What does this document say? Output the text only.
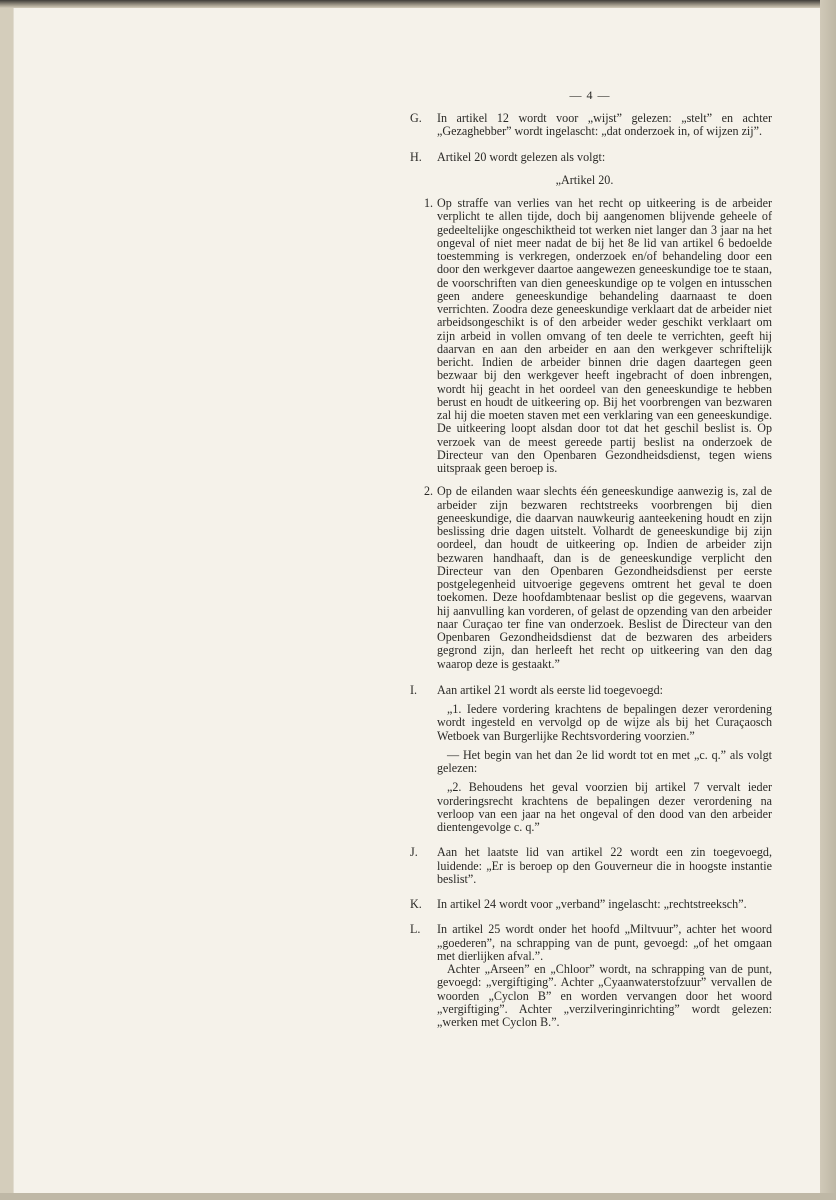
— 4 —
G.	In artikel 12 wordt voor „wijst” gelezen: „stelt” en achter „Gezaghebber” wordt ingelascht: „dat onderzoek in, of wijzen zij”.

H.	Artikel 20 wordt gelezen als volgt:

„Artikel 20.

1. Op straffe van verlies van het recht op uitkeering is de arbeider verplicht te allen tijde, doch bij aangenomen blijvende geheele of gedeeltelijke ongeschiktheid tot werken niet langer dan 3 jaar na het ongeval of niet meer nadat de bij het 8e lid van artikel 6 bedoelde toestemming is verkregen, onderzoek en/of behandeling door een door den werkgever daartoe aangewezen geneeskundige toe te staan, de voorschriften van dien geneeskundige op te volgen en intusschen geen andere geneeskundige behandeling daarnaast te doen verrichten. Zoodra deze geneeskundige verklaart dat de arbeider niet arbeidsongeschikt is of den arbeider weder geschikt verklaart om zijn arbeid in vollen omvang of ten deele te verrichten, geeft hij daarvan en aan den arbeider en aan den werkgever schriftelijk bericht. Indien de arbeider binnen drie dagen daartegen geen bezwaar bij den werkgever heeft ingebracht of doen inbrengen, wordt hij geacht in het oordeel van den geneeskundige te hebben berust en houdt de uitkeering op. Bij het voorbrengen van bezwaren zal hij die moeten staven met een verklaring van een geneeskundige. De uitkeering loopt alsdan door tot dat het geschil beslist is. Op verzoek van de meest gereede partij beslist na onderzoek de Directeur van den Openbaren Gezondheidsdienst, tegen wiens uitspraak geen beroep is.

2. Op de eilanden waar slechts één geneeskundige aanwezig is, zal de arbeider zijn bezwaren rechtstreeks voorbrengen bij dien geneeskundige, die daarvan nauwkeurig aanteekening houdt en zijn beslissing drie dagen uitstelt. Volhardt de geneeskundige bij zijn oordeel, dan houdt de uitkeering op. Indien de arbeider zijn bezwaren handhaaft, dan is de geneeskundige verplicht den Directeur van den Openbaren Gezondheidsdienst per eerste postgelegenheid uitvoerige gegevens omtrent het geval te doen toekomen. Deze hoofdambtenaar beslist op die gegevens, waarvan hij aanvulling kan vorderen, of gelast de opzending van den arbeider naar Curaçao ter fine van onderzoek. Beslist de Directeur van den Openbaren Gezondheidsdienst dat de bezwaren des arbeiders gegrond zijn, dan herleeft het recht op uitkeering van den dag waarop deze is gestaakt.”

I.	Aan artikel 21 wordt als eerste lid toegevoegd:

„1. Iedere vordering krachtens de bepalingen dezer verordening wordt ingesteld en vervolgd op de wijze als bij het Curaçaosch Wetboek van Burgerlijke Rechtsvordering voorzien.”

— Het begin van het dan 2e lid wordt tot en met „c. q.” als volgt gelezen:

„2. Behoudens het geval voorzien bij artikel 7 vervalt ieder vorderingsrecht krachtens de bepalingen dezer verordening na verloop van een jaar na het ongeval of den dood van den arbeider dientengevolge c. q.”

J.	Aan het laatste lid van artikel 22 wordt een zin toegevoegd, luidende: „Er is beroep op den Gouverneur die in hoogste instantie beslist”.

K.	In artikel 24 wordt voor „verband” ingelascht: „rechtstreeksch”.

L.	In artikel 25 wordt onder het hoofd „Miltvuur”, achter het woord „goederen”, na schrapping van de punt, gevoegd: „of het omgaan met dierlijken afval.”.

Achter „Arseen” en „Chloor” wordt, na schrapping van de punt, gevoegd: „vergiftiging”. Achter „Cyaanwaterstofzuur” vervallen de woorden „Cyclon B” en worden vervangen door het woord „vergiftiging”. Achter „verzilveringinrichting” wordt gelezen: „werken met Cyclon B.”.
